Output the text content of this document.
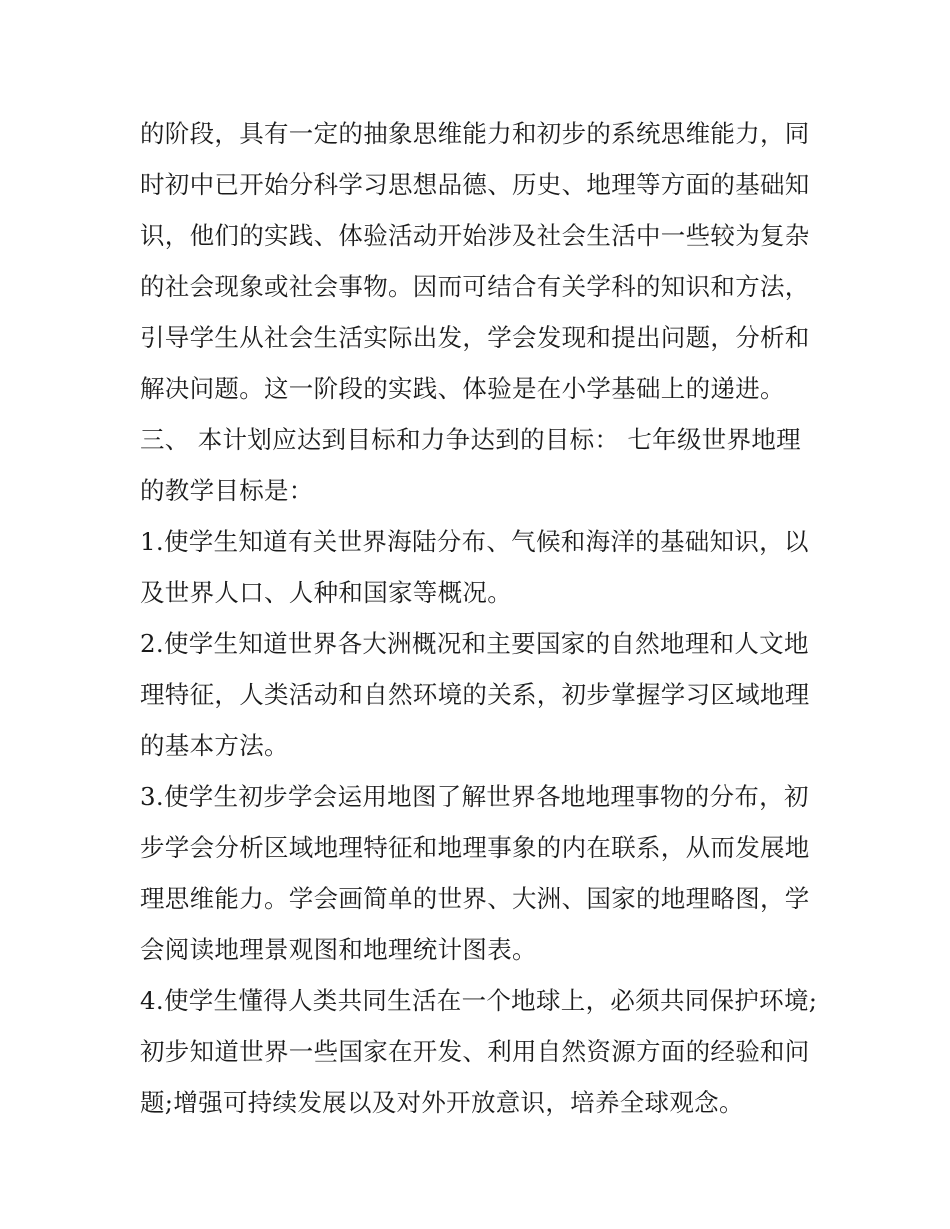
的阶段，具有一定的抽象思维能力和初步的系统思维能力，同
时初中已开始分科学习思想品德、历史、地理等方面的基础知
识，他们的实践、体验活动开始涉及社会生活中一些较为复杂
的社会现象或社会事物。因而可结合有关学科的知识和方法，
引导学生从社会生活实际出发，学会发现和提出问题，分析和
解决问题。这一阶段的实践、体验是在小学基础上的递进。
三、 本计划应达到目标和力争达到的目标： 七年级世界地理
的教学目标是：
1.使学生知道有关世界海陆分布、气候和海洋的基础知识，以
及世界人口、人种和国家等概况。
2.使学生知道世界各大洲概况和主要国家的自然地理和人文地
理特征，人类活动和自然环境的关系，初步掌握学习区域地理
的基本方法。
3.使学生初步学会运用地图了解世界各地地理事物的分布，初
步学会分析区域地理特征和地理事象的内在联系，从而发展地
理思维能力。学会画简单的世界、大洲、国家的地理略图，学
会阅读地理景观图和地理统计图表。
4.使学生懂得人类共同生活在一个地球上，必须共同保护环境;
初步知道世界一些国家在开发、利用自然资源方面的经验和问
题;增强可持续发展以及对外开放意识，培养全球观念。
